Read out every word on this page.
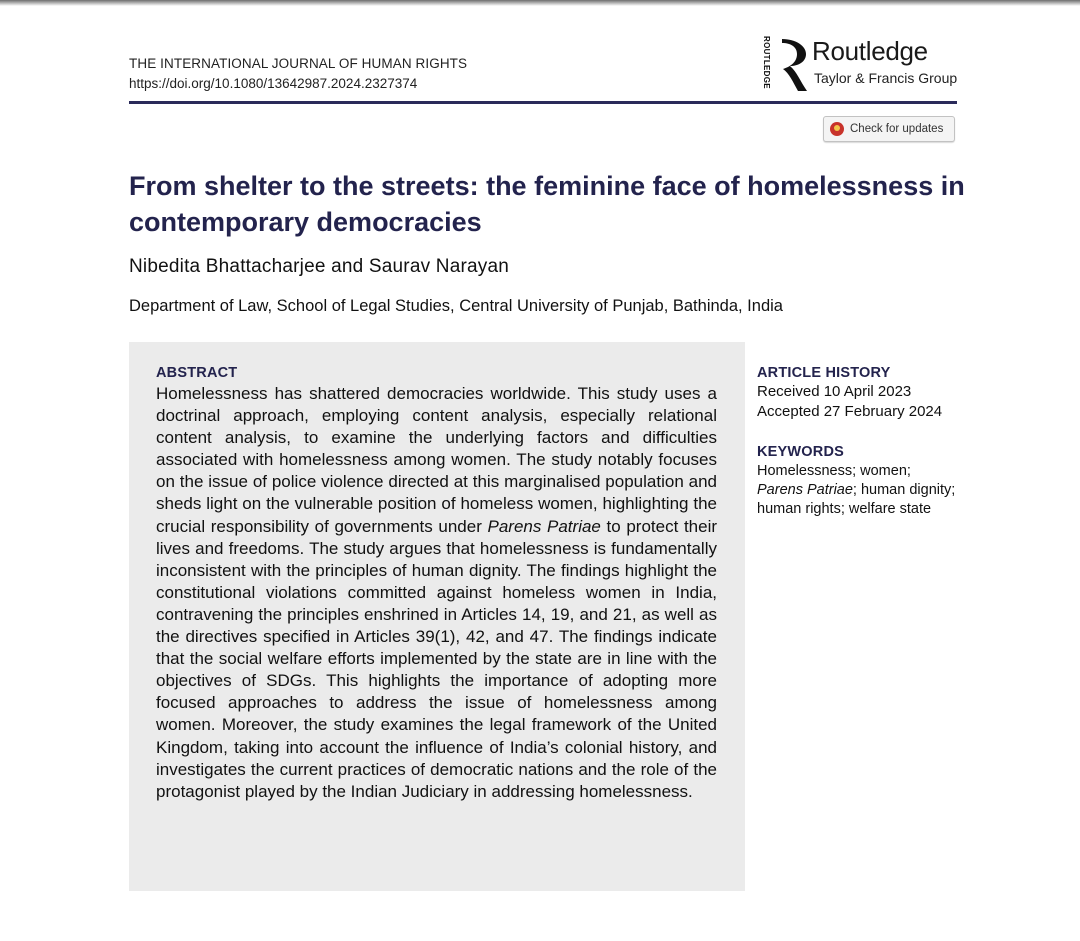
THE INTERNATIONAL JOURNAL OF HUMAN RIGHTS
https://doi.org/10.1080/13642987.2024.2327374	ROUTLEDGE Routledge
Taylor & Francis Group
Check for updates
From shelter to the streets: the feminine face of homelessness in contemporary democracies
Nibedita Bhattacharjee and Saurav Narayan
Department of Law, School of Legal Studies, Central University of Punjab, Bathinda, India
ABSTRACT

Homelessness has shattered democracies worldwide. This study uses a doctrinal approach, employing content analysis, especially relational content analysis, to examine the underlying factors and difficulties associated with homelessness among women. The study notably focuses on the issue of police violence directed at this marginalised population and sheds light on the vulnerable position of homeless women, highlighting the crucial responsibility of governments under Parens Patriae to protect their lives and freedoms. The study argues that homelessness is fundamentally inconsistent with the principles of human dignity. The findings highlight the constitutional violations committed against homeless women in India, contravening the principles enshrined in Articles 14, 19, and 21, as well as the directives specified in Articles 39(1), 42, and 47. The findings indicate that the social welfare efforts implemented by the state are in line with the objectives of SDGs. This highlights the importance of adopting more focused approaches to address the issue of homelessness among women. Moreover, the study examines the legal framework of the United Kingdom, taking into account the influence of India’s colonial history, and investigates the current practices of democratic nations and the role of the protagonist played by the Indian Judiciary in addressing homelessness.

ARTICLE HISTORY
Received 10 April 2023
Accepted 27 February 2024
KEYWORDS

Homelessness; women; Parens Patriae; human dignity; human rights; welfare state
